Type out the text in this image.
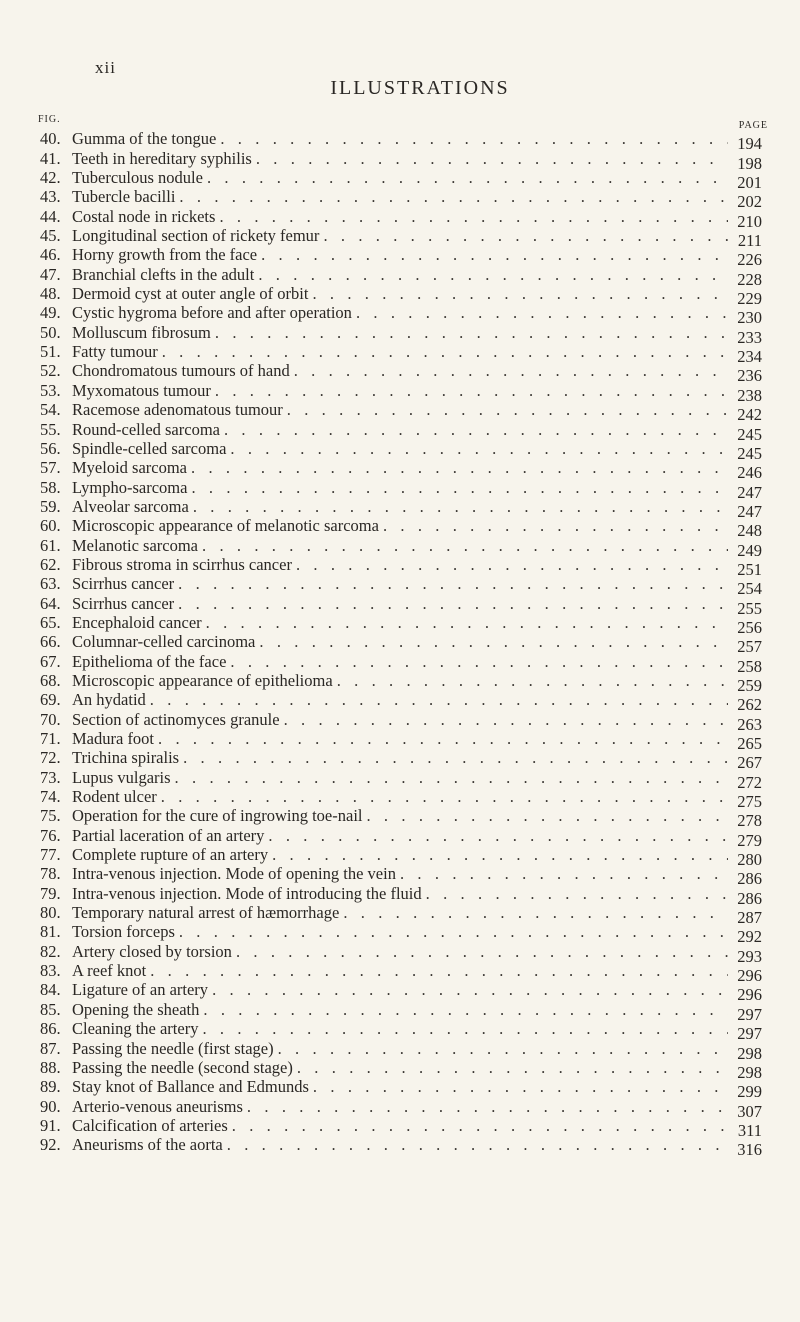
xii
ILLUSTRATIONS
FIG.
PAGE
40. Gumma of the tongue . . .	194
41. Teeth in hereditary syphilis . . .	198
42. Tuberculous nodule . . .	201
43. Tubercle bacilli . . .	202
44. Costal node in rickets . . .	210
45. Longitudinal section of rickety femur . . .	211
46. Horny growth from the face . . .	226
47. Branchial clefts in the adult . . .	228
48. Dermoid cyst at outer angle of orbit . . .	229
49. Cystic hygroma before and after operation . . .	230
50. Molluscum fibrosum . . .	233
51. Fatty tumour . . .	234
52. Chondromatous tumours of hand . . .	236
53. Myxomatous tumour . . .	238
54. Racemose adenomatous tumour . . .	242
55. Round-celled sarcoma . . .	245
56. Spindle-celled sarcoma . . .	245
57. Myeloid sarcoma . . .	246
58. Lympho-sarcoma . . .	247
59. Alveolar sarcoma . . .	247
60. Microscopic appearance of melanotic sarcoma . . .	248
61. Melanotic sarcoma . . .	249
62. Fibrous stroma in scirrhus cancer . . .	251
63. Scirrhus cancer . . .	254
64. Scirrhus cancer . . .	255
65. Encephaloid cancer . . .	256
66. Columnar-celled carcinoma . . .	257
67. Epithelioma of the face . . .	258
68. Microscopic appearance of epithelioma . . .	259
69. An hydatid . . .	262
70. Section of actinomyces granule . . .	263
71. Madura foot . . .	265
72. Trichina spiralis . . .	267
73. Lupus vulgaris . . .	272
74. Rodent ulcer . . .	275
75. Operation for the cure of ingrowing toe-nail . . .	278
76. Partial laceration of an artery . . .	279
77. Complete rupture of an artery . . .	280
78. Intra-venous injection. Mode of opening the vein . . .	286
79. Intra-venous injection. Mode of introducing the fluid . . .	286
80. Temporary natural arrest of hæmorrhage . . .	287
81. Torsion forceps . . .	292
82. Artery closed by torsion . . .	293
83. A reef knot . . .	296
84. Ligature of an artery . . .	296
85. Opening the sheath . . .	297
86. Cleaning the artery . . .	297
87. Passing the needle (first stage) . . .	298
88. Passing the needle (second stage) . . .	298
89. Stay knot of Ballance and Edmunds . . .	299
90. Arterio-venous aneurisms . . .	307
91. Calcification of arteries . . .	311
92. Aneurisms of the aorta . . .	316
